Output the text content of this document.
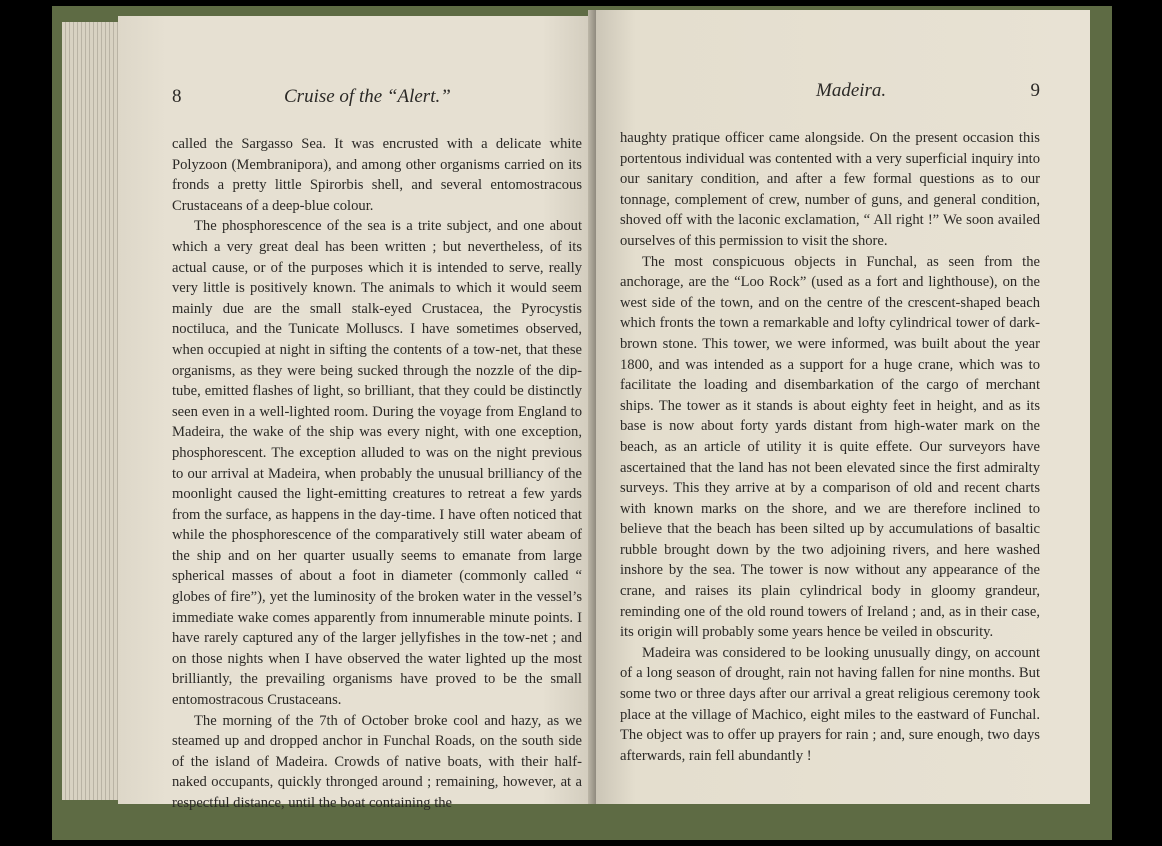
8	Cruise of the “Alert.”

called the Sargasso Sea. It was encrusted with a delicate white Polyzoon (Membranipora), and among other organisms carried on its fronds a pretty little Spirorbis shell, and several entomostracous Crustaceans of a deep-blue colour.

The phosphorescence of the sea is a trite subject, and one about which a very great deal has been written ; but nevertheless, of its actual cause, or of the purposes which it is intended to serve, really very little is positively known. The animals to which it would seem mainly due are the small stalk-eyed Crustacea, the Pyrocystis noctiluca, and the Tunicate Molluscs. I have sometimes observed, when occupied at night in sifting the contents of a tow-net, that these organisms, as they were being sucked through the nozzle of the dip-tube, emitted flashes of light, so brilliant, that they could be distinctly seen even in a well-lighted room. During the voyage from England to Madeira, the wake of the ship was every night, with one exception, phosphorescent. The exception alluded to was on the night previous to our arrival at Madeira, when probably the unusual brilliancy of the moonlight caused the light-emitting creatures to retreat a few yards from the surface, as happens in the day-time. I have often noticed that while the phosphorescence of the comparatively still water abeam of the ship and on her quarter usually seems to emanate from large spherical masses of about a foot in diameter (commonly called “ globes of fire”), yet the luminosity of the broken water in the vessel’s immediate wake comes apparently from innumerable minute points. I have rarely captured any of the larger jellyfishes in the tow-net ; and on those nights when I have observed the water lighted up the most brilliantly, the prevailing organisms have proved to be the small entomostracous Crustaceans.

The morning of the 7th of October broke cool and hazy, as we steamed up and dropped anchor in Funchal Roads, on the south side of the island of Madeira. Crowds of native boats, with their half-naked occupants, quickly thronged around ; remaining, however, at a respectful distance, until the boat containing the

Madeira.	9

haughty pratique officer came alongside. On the present occasion this portentous individual was contented with a very superficial inquiry into our sanitary condition, and after a few formal questions as to our tonnage, complement of crew, number of guns, and general condition, shoved off with the laconic exclamation, “ All right !” We soon availed ourselves of this permission to visit the shore.

The most conspicuous objects in Funchal, as seen from the anchorage, are the “Loo Rock” (used as a fort and lighthouse), on the west side of the town, and on the centre of the crescent-shaped beach which fronts the town a remarkable and lofty cylindrical tower of dark-brown stone. This tower, we were informed, was built about the year 1800, and was intended as a support for a huge crane, which was to facilitate the loading and disembarkation of the cargo of merchant ships. The tower as it stands is about eighty feet in height, and as its base is now about forty yards distant from high-water mark on the beach, as an article of utility it is quite effete. Our surveyors have ascertained that the land has not been elevated since the first admiralty surveys. This they arrive at by a comparison of old and recent charts with known marks on the shore, and we are therefore inclined to believe that the beach has been silted up by accumulations of basaltic rubble brought down by the two adjoining rivers, and here washed inshore by the sea. The tower is now without any appearance of the crane, and raises its plain cylindrical body in gloomy grandeur, reminding one of the old round towers of Ireland ; and, as in their case, its origin will probably some years hence be veiled in obscurity.

Madeira was considered to be looking unusually dingy, on account of a long season of drought, rain not having fallen for nine months. But some two or three days after our arrival a great religious ceremony took place at the village of Machico, eight miles to the eastward of Funchal. The object was to offer up prayers for rain ; and, sure enough, two days afterwards, rain fell abundantly !
